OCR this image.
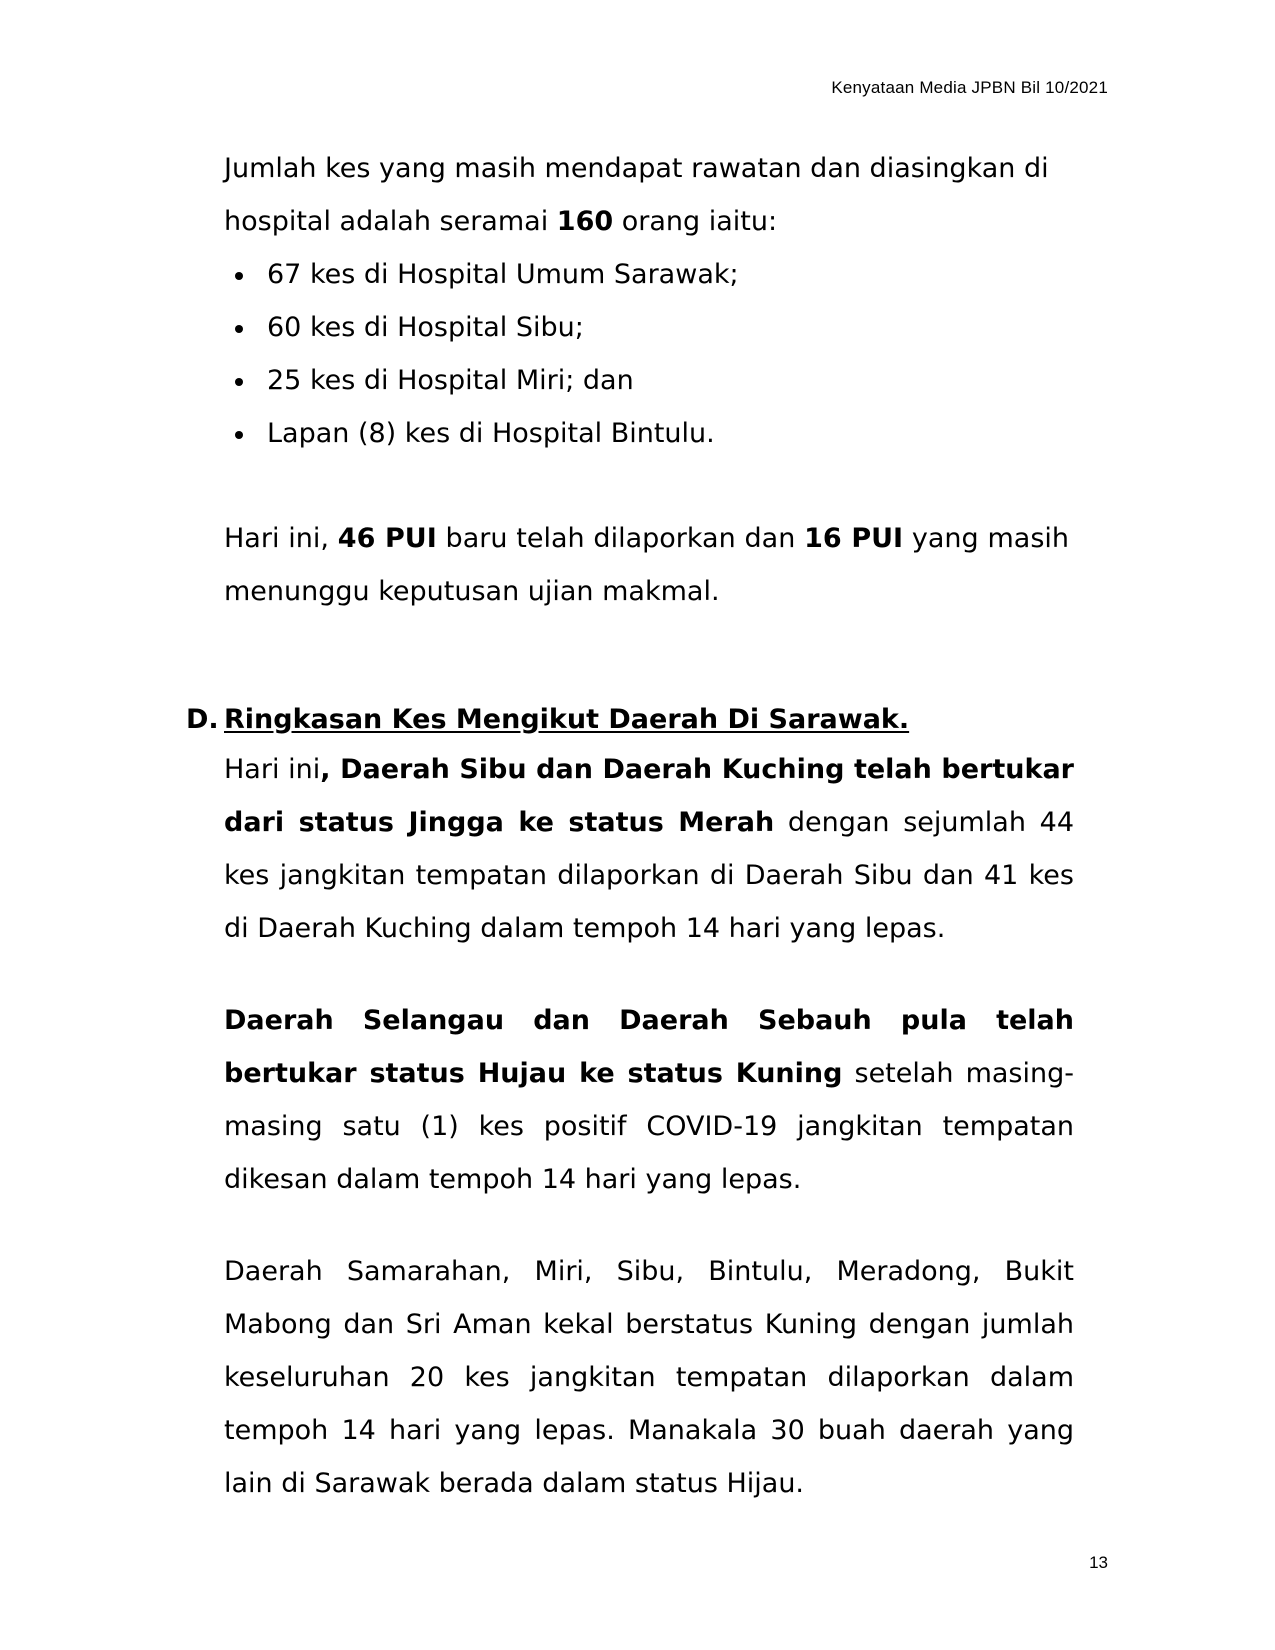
Kenyataan Media JPBN Bil 10/2021

Jumlah kes yang masih mendapat rawatan dan diasingkan di hospital adalah seramai 160 orang iaitu:

67 kes di Hospital Umum Sarawak;
60 kes di Hospital Sibu;
25 kes di Hospital Miri; dan
Lapan (8) kes di Hospital Bintulu.
Hari ini, 46 PUI baru telah dilaporkan dan 16 PUI yang masih menunggu keputusan ujian makmal.
D. Ringkasan Kes Mengikut Daerah Di Sarawak.
Hari ini, Daerah Sibu dan Daerah Kuching telah bertukar dari status Jingga ke status Merah dengan sejumlah 44 kes jangkitan tempatan dilaporkan di Daerah Sibu dan 41 kes di Daerah Kuching dalam tempoh 14 hari yang lepas.
Daerah Selangau dan Daerah Sebauh pula telah bertukar status Hujau ke status Kuning setelah masing-masing satu (1) kes positif COVID-19 jangkitan tempatan dikesan dalam tempoh 14 hari yang lepas.
Daerah Samarahan, Miri, Sibu, Bintulu, Meradong, Bukit Mabong dan Sri Aman kekal berstatus Kuning dengan jumlah keseluruhan 20 kes jangkitan tempatan dilaporkan dalam tempoh 14 hari yang lepas. Manakala 30 buah daerah yang lain di Sarawak berada dalam status Hijau.
13
